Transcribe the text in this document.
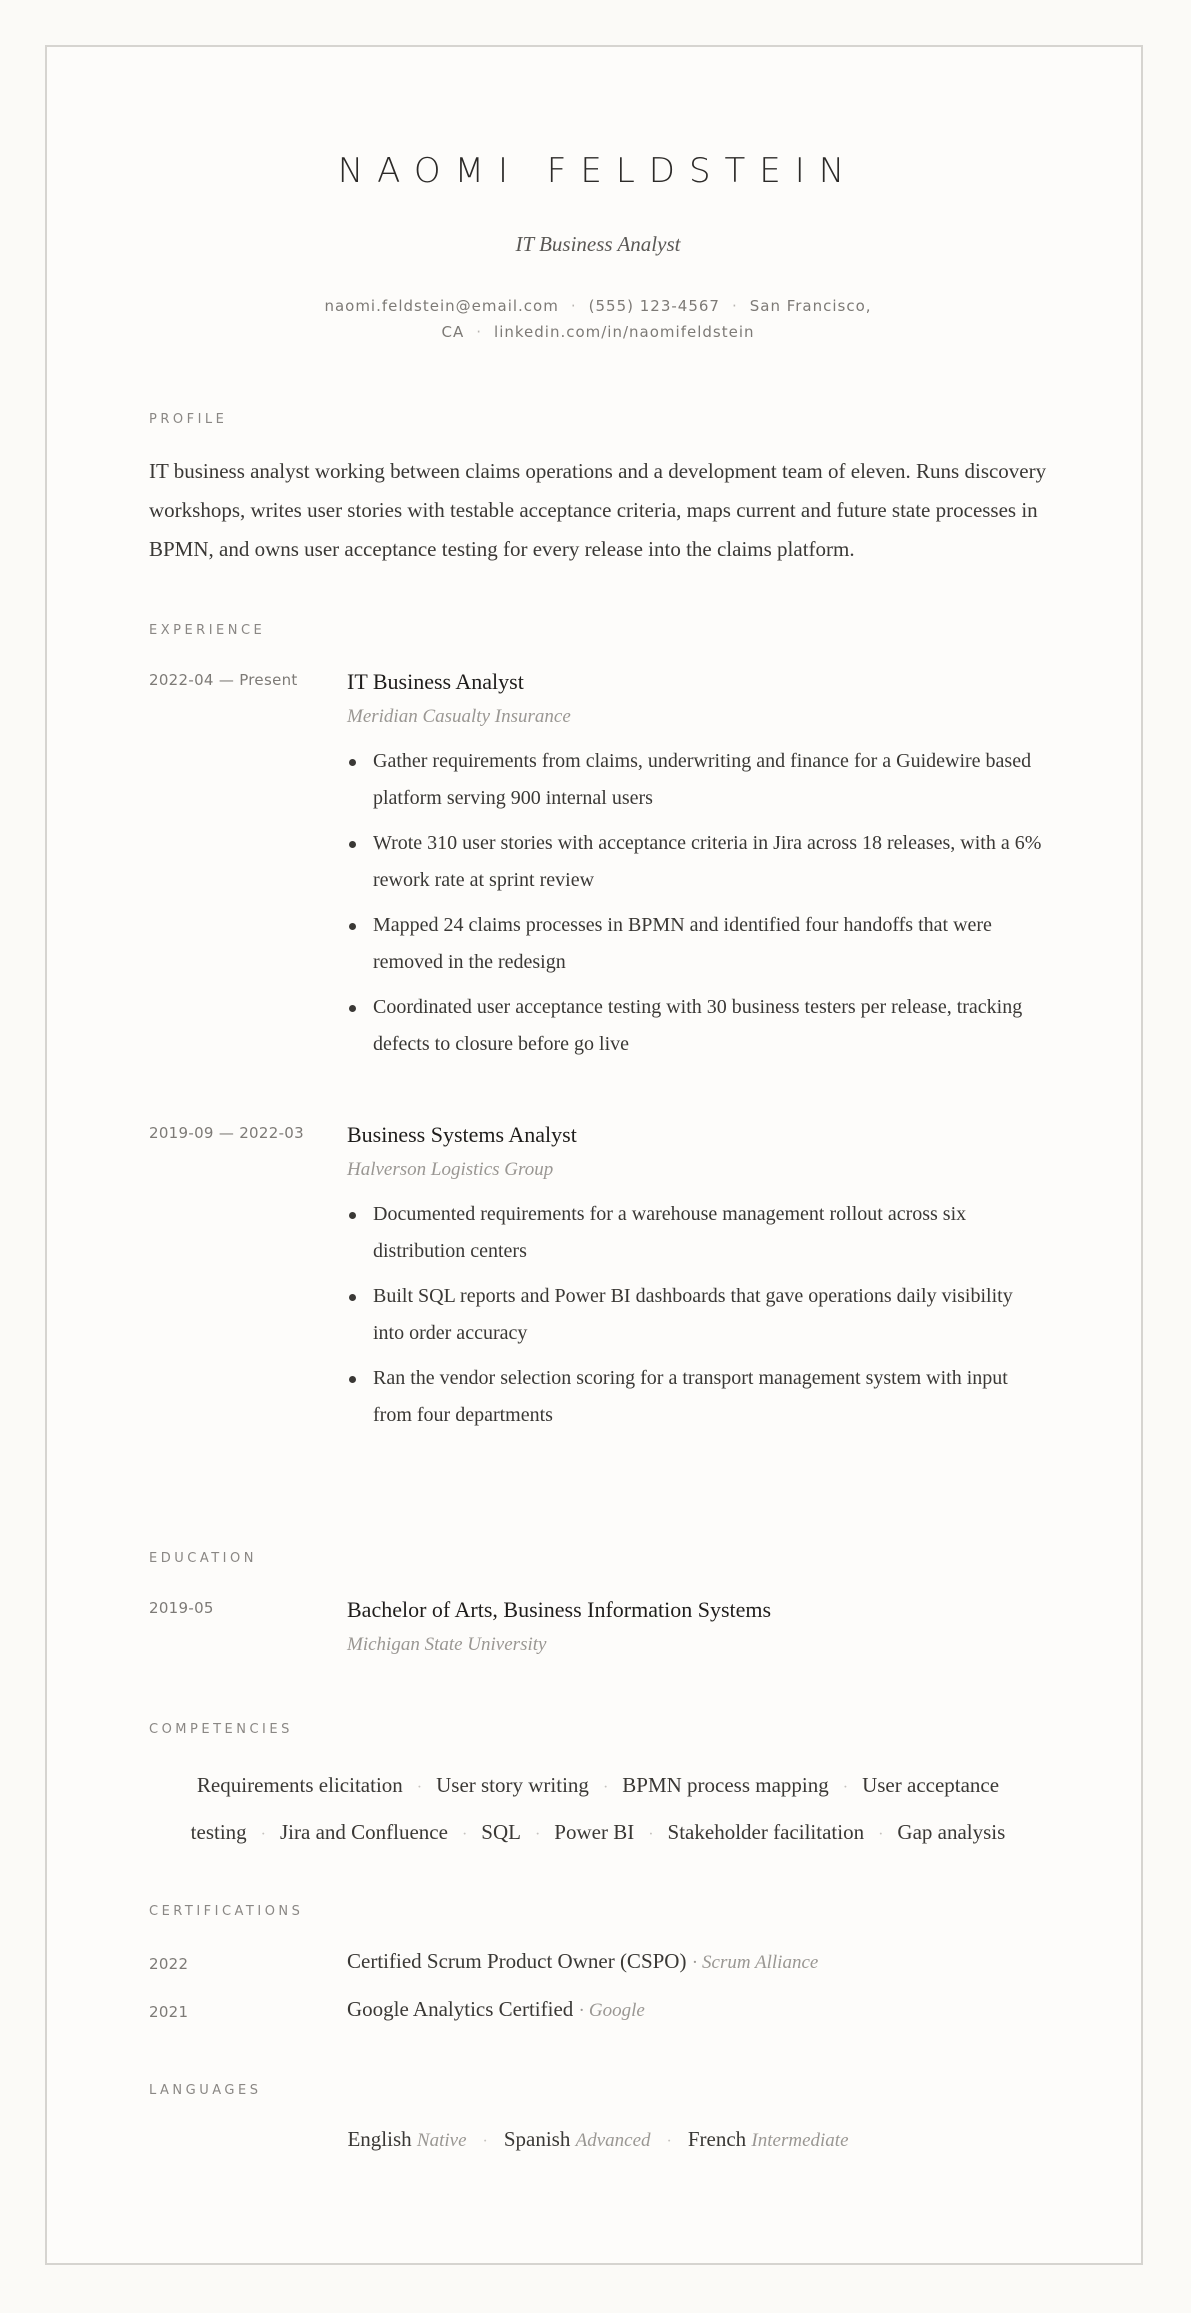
NAOMI FELDSTEIN
IT Business Analyst
naomi.feldstein@email.com · (555) 123-4567 · San Francisco,
CA · linkedin.com/in/naomifeldstein
PROFILE
IT business analyst working between claims operations and a development team of eleven. Runs discovery workshops, writes user stories with testable acceptance criteria, maps current and future state processes in BPMN, and owns user acceptance testing for every release into the claims platform.
EXPERIENCE
2022-04 — Present IT Business Analyst
Meridian Casualty Insurance
Gather requirements from claims, underwriting and finance for a Guidewire based platform serving 900 internal users
Wrote 310 user stories with acceptance criteria in Jira across 18 releases, with a 6% rework rate at sprint review
Mapped 24 claims processes in BPMN and identified four handoffs that were removed in the redesign
Coordinated user acceptance testing with 30 business testers per release, tracking defects to closure before go live
2019-09 — 2022-03 Business Systems Analyst
Halverson Logistics Group
Documented requirements for a warehouse management rollout across six distribution centers
Built SQL reports and Power BI dashboards that gave operations daily visibility into order accuracy
Ran the vendor selection scoring for a transport management system with input from four departments
EDUCATION
2019-05	Bachelor of Arts, Business Information Systems
Michigan State University
COMPETENCIES
Requirements elicitation · User story writing · BPMN process mapping · User acceptance testing · Jira and Confluence · SQL · Power BI · Stakeholder facilitation · Gap analysis
CERTIFICATIONS
2022	Certified Scrum Product Owner (CSPO) · Scrum Alliance
2021	Google Analytics Certified · Google
LANGUAGES
English Native · Spanish Advanced · French Intermediate
